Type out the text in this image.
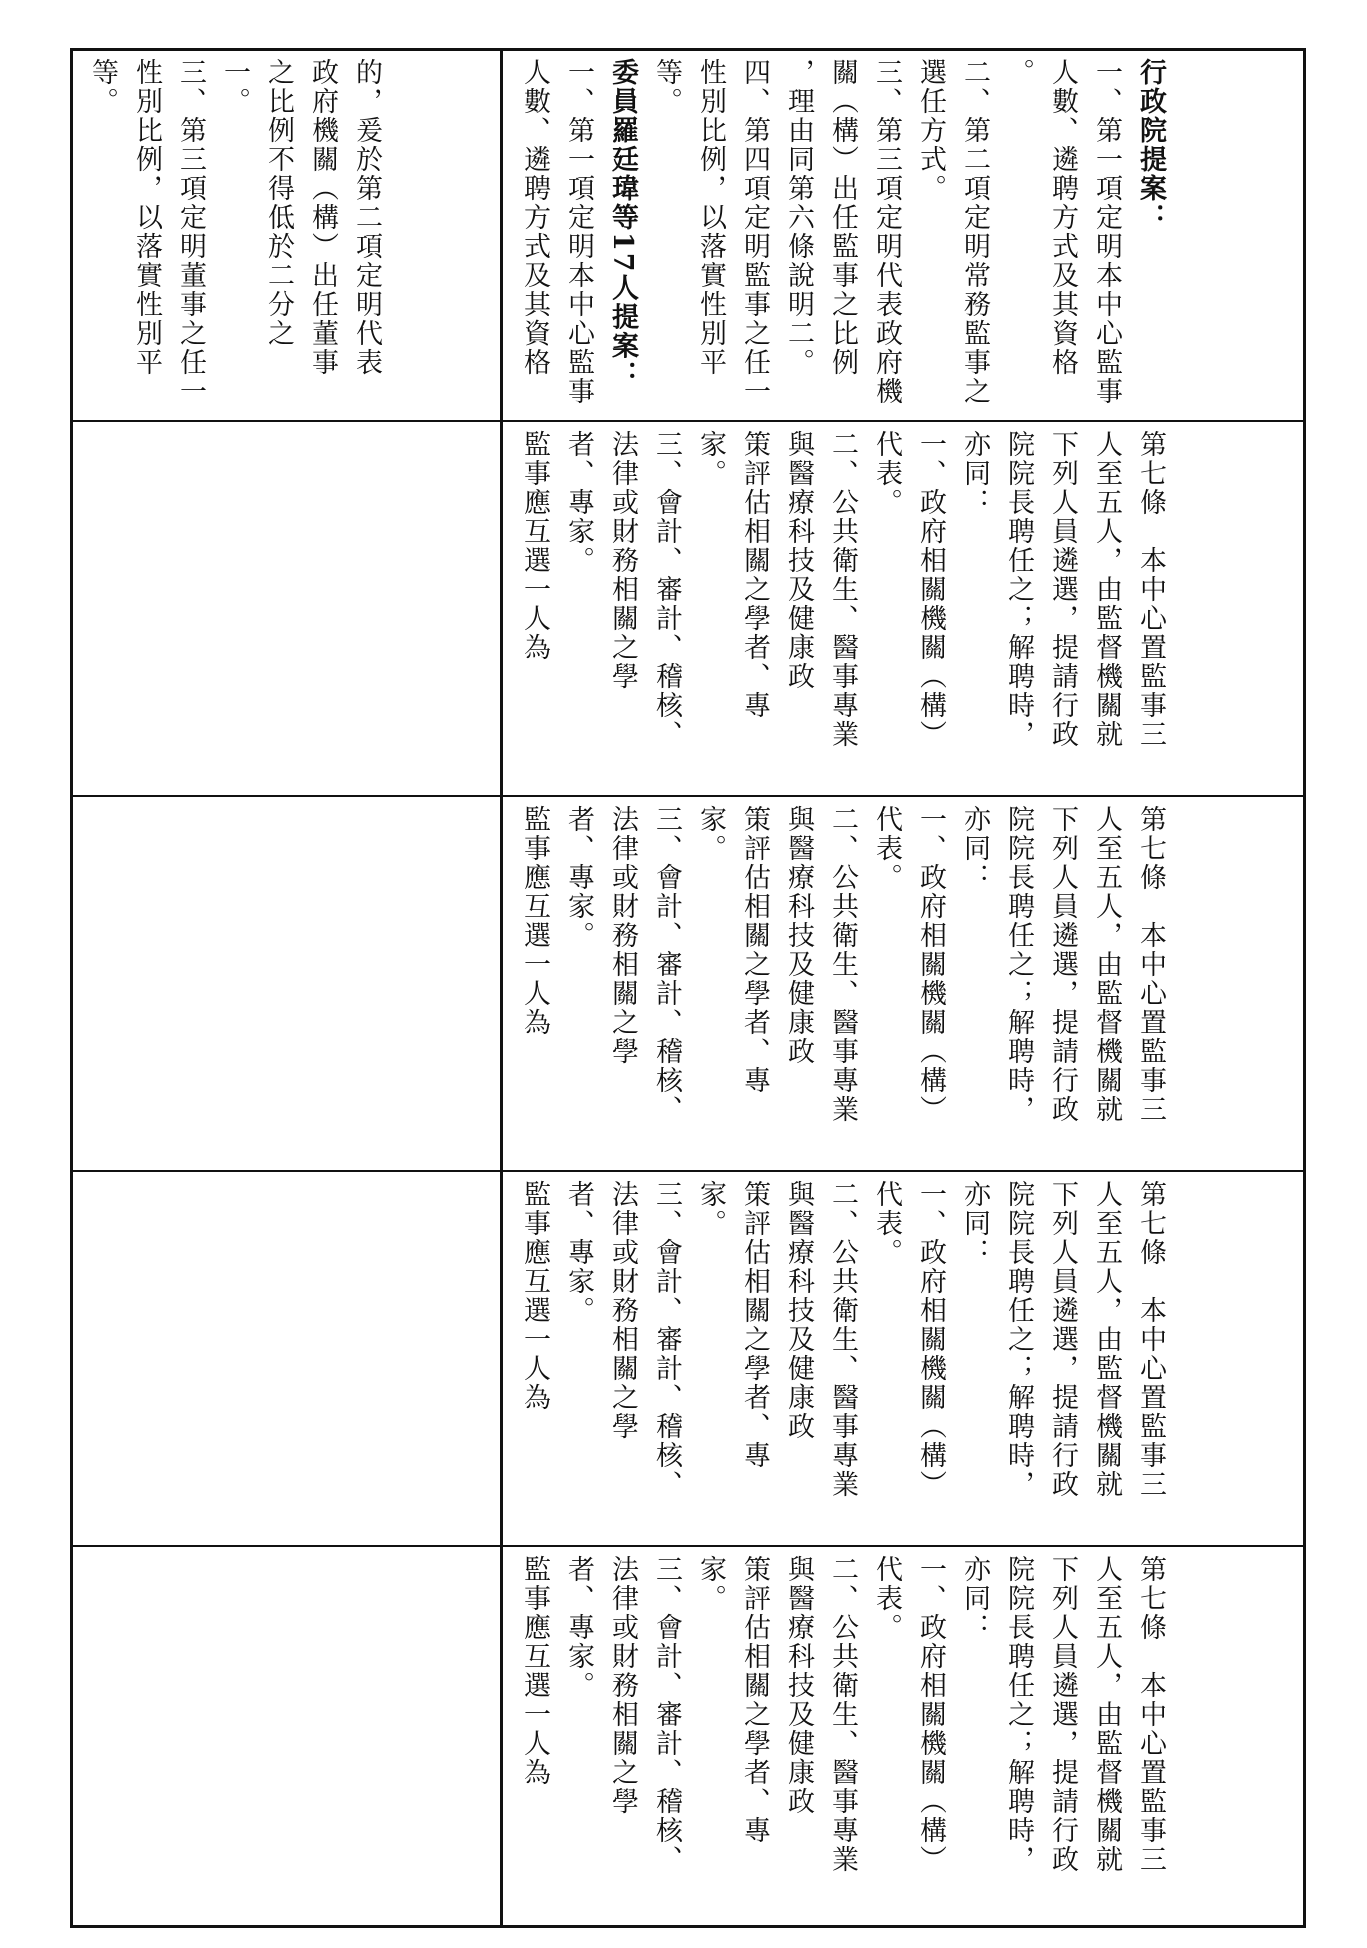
的，爰於第二項定明代表

政府機關（構）出任董事

之比例不得低於二分之

一。

三、第三項定明董事之任一

性別比例，以落實性別平

等。	行政院提案：

一、第一項定明本中心監事

人數、遴聘方式及其資格

。

二、第二項定明常務監事之

選任方式。

三、第三項定明代表政府機

關（構）出任監事之比例

，理由同第六條說明二。

四、第四項定明監事之任一

性別比例，以落實性別平

等。

委員羅廷瑋等17人提案：

一、第一項定明本中心監事

人數、遴聘方式及其資格

第七條　本中心置監事三

人至五人，由監督機關就

下列人員遴選，提請行政

院院長聘任之；解聘時，

亦同：

一、政府相關機關（構）

代表。

二、公共衛生、醫事專業

與醫療科技及健康政

策評估相關之學者、專

家。

三、會計、審計、稽核、

法律或財務相關之學

者、專家。

監事應互選一人為

第七條　本中心置監事三

人至五人，由監督機關就

下列人員遴選，提請行政

院院長聘任之；解聘時，

亦同：

一、政府相關機關（構）

代表。

二、公共衛生、醫事專業

與醫療科技及健康政

策評估相關之學者、專

家。

三、會計、審計、稽核、

法律或財務相關之學

者、專家。

監事應互選一人為

第七條　本中心置監事三

人至五人，由監督機關就

下列人員遴選，提請行政

院院長聘任之；解聘時，

亦同：

一、政府相關機關（構）

代表。

二、公共衛生、醫事專業

與醫療科技及健康政

策評估相關之學者、專

家。

三、會計、審計、稽核、

法律或財務相關之學

者、專家。

監事應互選一人為

第七條　本中心置監事三

人至五人，由監督機關就

下列人員遴選，提請行政

院院長聘任之；解聘時，

亦同：

一、政府相關機關（構）

代表。

二、公共衛生、醫事專業

與醫療科技及健康政

策評估相關之學者、專

家。

三、會計、審計、稽核、

法律或財務相關之學

者、專家。

監事應互選一人為
